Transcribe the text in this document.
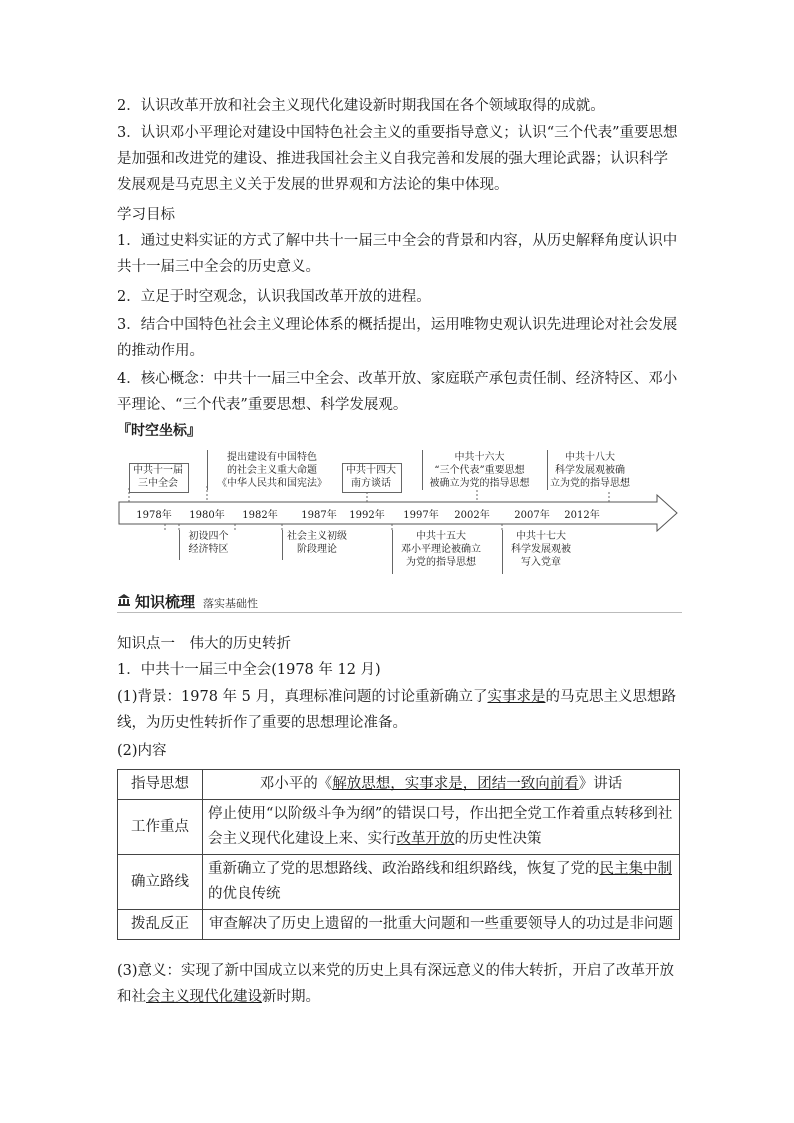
2．认识改革开放和社会主义现代化建设新时期我国在各个领域取得的成就。

3．认识邓小平理论对建设中国特色社会主义的重要指导意义；认识“三个代表”重要思想是加强和改进党的建设、推进我国社会主义自我完善和发展的强大理论武器；认识科学发展观是马克思主义关于发展的世界观和方法论的集中体现。

学习目标

1．通过史料实证的方式了解中共十一届三中全会的背景和内容，从历史解释角度认识中共十一届三中全会的历史意义。

2．立足于时空观念，认识我国改革开放的进程。

3．结合中国特色社会主义理论体系的概括提出，运用唯物史观认识先进理论对社会发展的推动作用。

4．核心概念：中共十一届三中全会、改革开放、家庭联产承包责任制、经济特区、邓小平理论、“三个代表”重要思想、科学发展观。

『时空坐标』
中共十一届
三中全会
提出建设有中国特色
的社会主义重大命题
《中华人民共和国宪法》
中共十四大
南方谈话
中共十六大
“三个代表”重要思想
被确立为党的指导思想
中共十八大
科学发展观被确
立为党的指导思想
1978年 1980年 1982年 1987年 1992年 1997年 2002年 2007年 2012年
初设四个
经济特区
社会主义初级
阶段理论
中共十五大
邓小平理论被确立
为党的指导思想
中共十七大
科学发展观被
写入党章
知识梳理 落实基础性

知识点一　伟大的历史转折

1．中共十一届三中全会(1978 年 12 月)

(1)背景：1978 年 5 月，真理标准问题的讨论重新确立了实事求是的马克思主义思想路线，为历史性转折作了重要的思想理论准备。

(2)内容

指导思想	邓小平的《解放思想，实事求是，团结一致向前看》讲话
工作重点	停止使用“以阶级斗争为纲”的错误口号，作出把全党工作着重点转移到社会主义现代化建设上来、实行改革开放的历史性决策
确立路线	重新确立了党的思想路线、政治路线和组织路线，恢复了党的民主集中制的优良传统
拨乱反正	审查解决了历史上遗留的一批重大问题和一些重要领导人的功过是非问题

(3)意义：实现了新中国成立以来党的历史上具有深远意义的伟大转折，开启了改革开放和社会主义现代化建设新时期。
